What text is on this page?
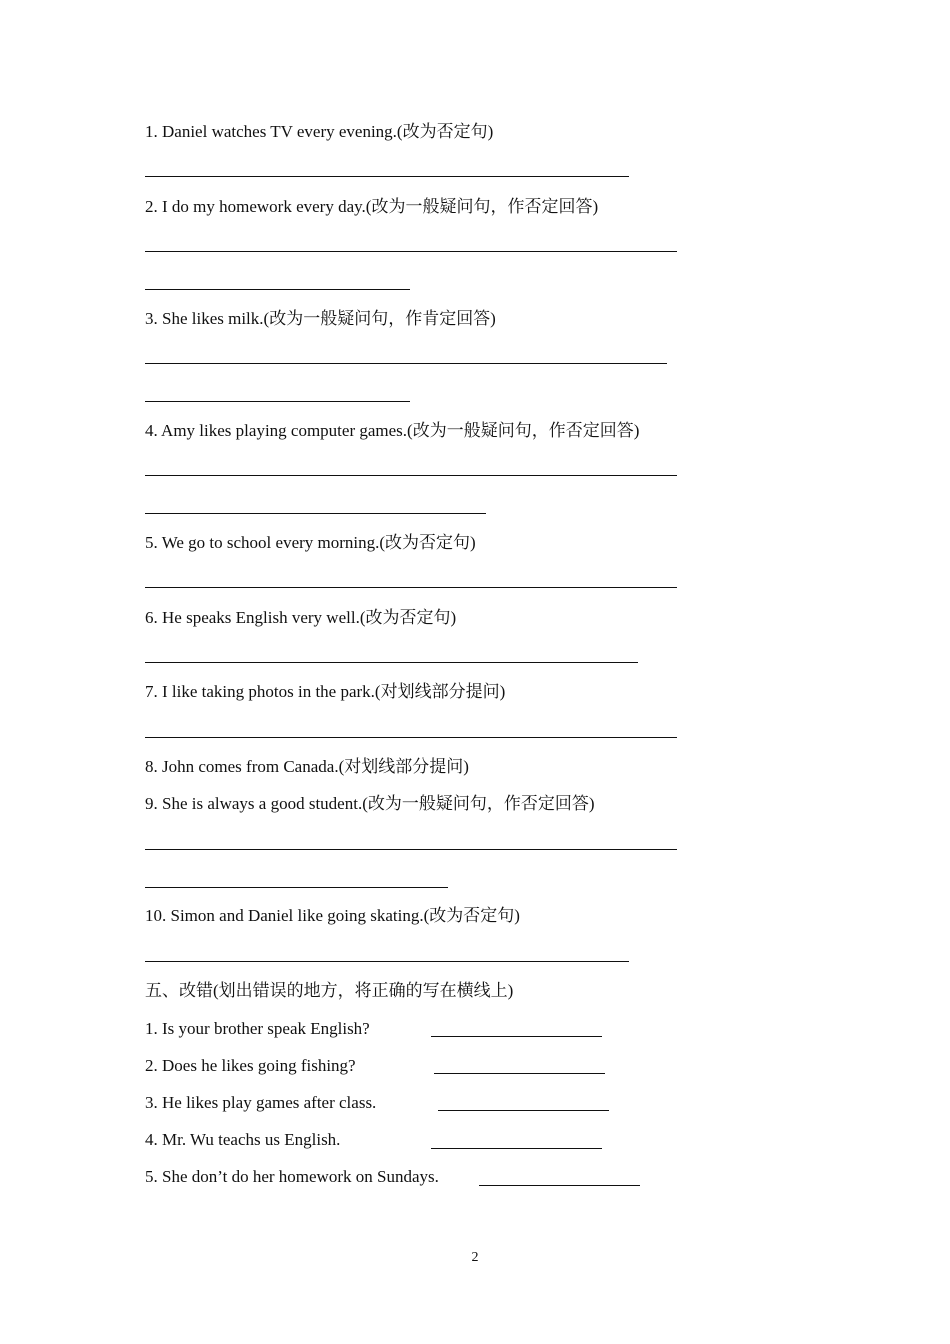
1. Daniel watches TV every evening.(改为否定句)
2. I do my homework every day.(改为一般疑问句，作否定回答)
3. She likes milk.(改为一般疑问句，作肯定回答)
4. Amy likes playing computer games.(改为一般疑问句，作否定回答)
5. We go to school every morning.(改为否定句)
6. He speaks English very well.(改为否定句)
7. I like taking photos in the park.(对划线部分提问)
8. John comes from Canada.(对划线部分提问)
9. She is always a good student.(改为一般疑问句，作否定回答)
10. Simon and Daniel like going skating.(改为否定句)
五、改错(划出错误的地方，将正确的写在横线上)
1. Is your brother speak English?
2. Does he likes going fishing?
3. He likes play games after class.
4. Mr. Wu teachs us English.
5. She don’t do her homework on Sundays.
2
